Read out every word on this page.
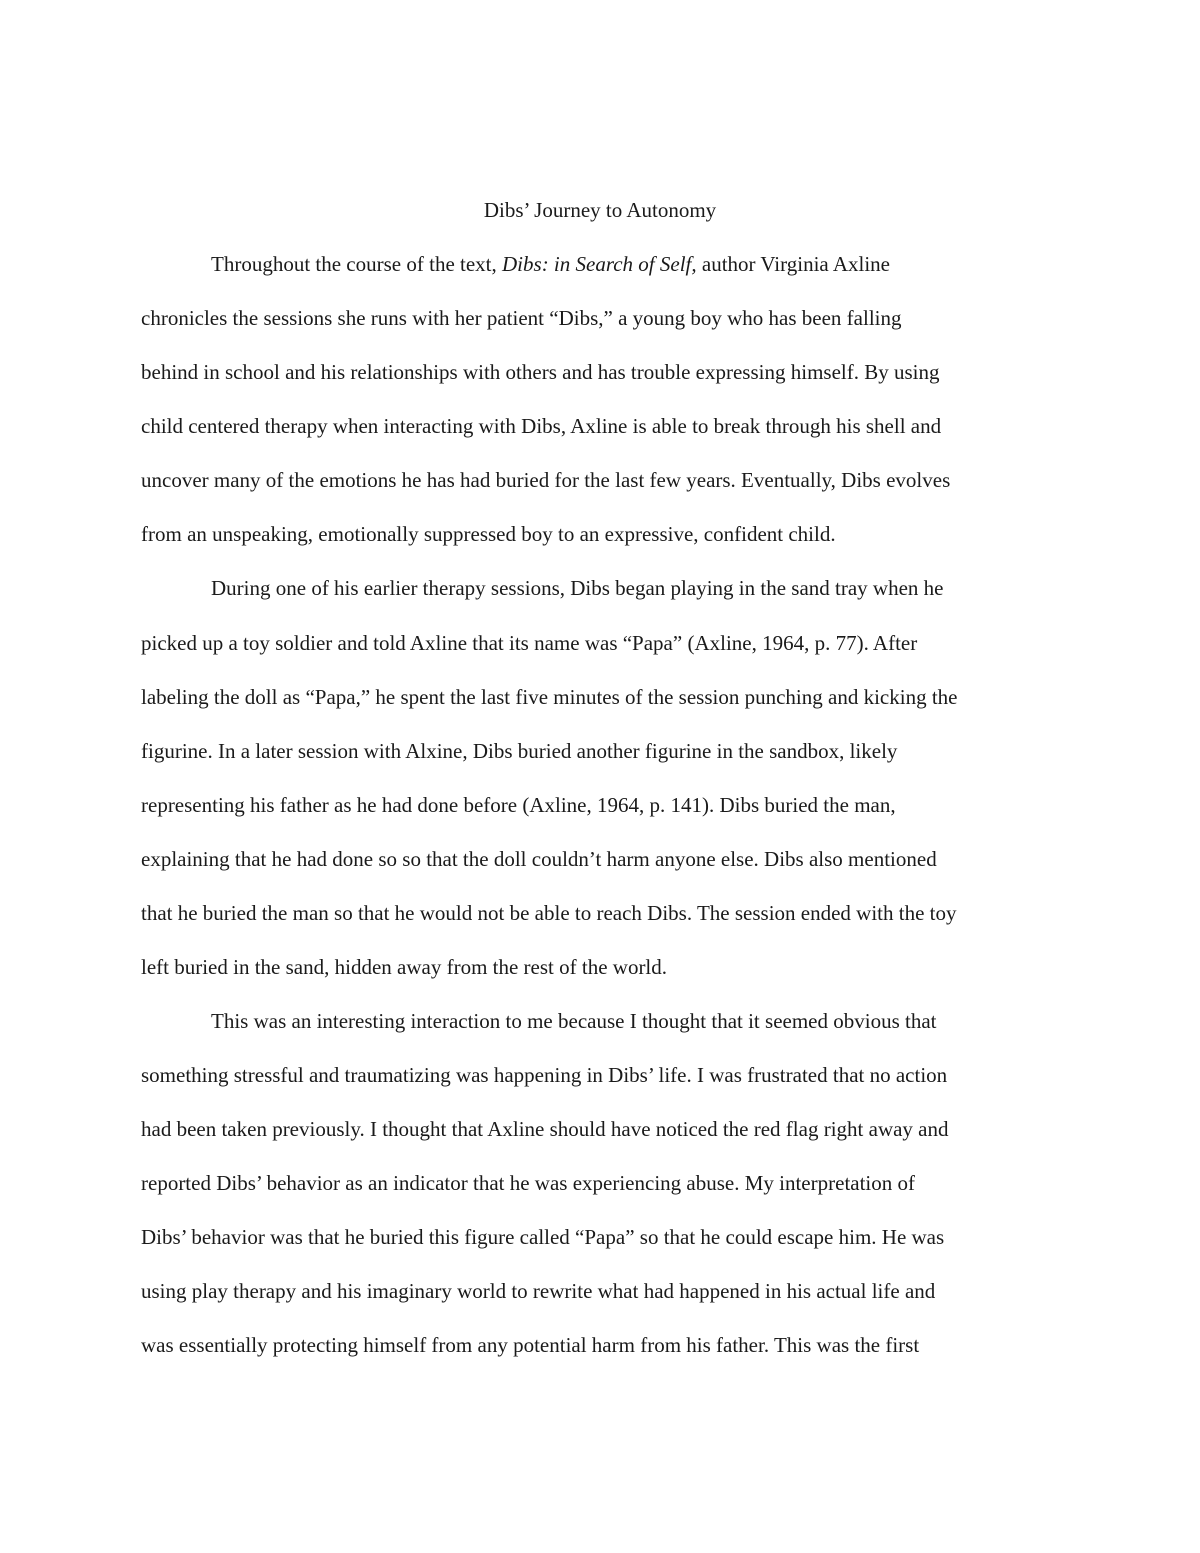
Dibs’ Journey to Autonomy
Throughout the course of the text, Dibs: in Search of Self, author Virginia Axline
chronicles the sessions she runs with her patient “Dibs,” a young boy who has been falling
behind in school and his relationships with others and has trouble expressing himself. By using
child centered therapy when interacting with Dibs, Axline is able to break through his shell and
uncover many of the emotions he has had buried for the last few years. Eventually, Dibs evolves
from an unspeaking, emotionally suppressed boy to an expressive, confident child.
During one of his earlier therapy sessions, Dibs began playing in the sand tray when he
picked up a toy soldier and told Axline that its name was “Papa” (Axline, 1964, p. 77). After
labeling the doll as “Papa,” he spent the last five minutes of the session punching and kicking the
figurine. In a later session with Alxine, Dibs buried another figurine in the sandbox, likely
representing his father as he had done before (Axline, 1964, p. 141). Dibs buried the man,
explaining that he had done so so that the doll couldn’t harm anyone else. Dibs also mentioned
that he buried the man so that he would not be able to reach Dibs. The session ended with the toy
left buried in the sand, hidden away from the rest of the world.
This was an interesting interaction to me because I thought that it seemed obvious that
something stressful and traumatizing was happening in Dibs’ life. I was frustrated that no action
had been taken previously. I thought that Axline should have noticed the red flag right away and
reported Dibs’ behavior as an indicator that he was experiencing abuse. My interpretation of
Dibs’ behavior was that he buried this figure called “Papa” so that he could escape him. He was
using play therapy and his imaginary world to rewrite what had happened in his actual life and
was essentially protecting himself from any potential harm from his father. This was the first
